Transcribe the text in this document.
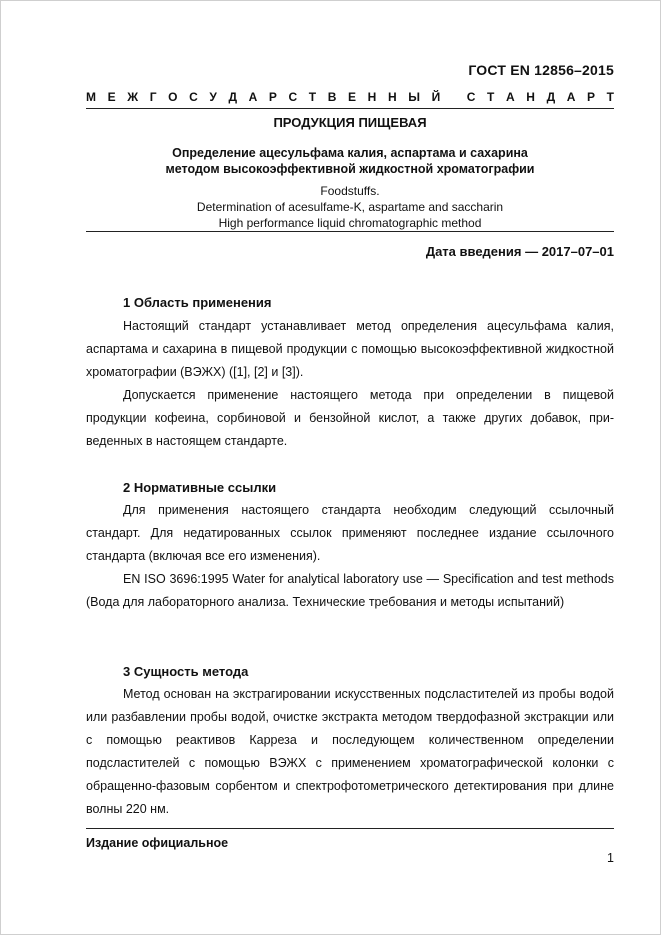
ГОСТ EN 12856–2015
М Е Ж Г О С У Д А Р С Т В Е Н Н Ы Й
С Т А Н Д А Р Т
ПРОДУКЦИЯ ПИЩЕВАЯ
Определение ацесульфама калия, аспартама и сахарина
методом высокоэффективной жидкостной хроматографии
Foodstuffs.
Determination of acesulfame-K, aspartame and saccharin
High performance liquid chromatographic method
Дата введения — 2017–07–01
1 Область применения
Настоящий стандарт устанавливает метод определения ацесульфама калия, аспартама и сахарина в пищевой продукции с помощью высокоэффективной жидкостной хроматографии (ВЭЖХ) ([1], [2] и [3]).
Допускается применение настоящего метода при определении в пищевой продукции кофеина, сорбиновой и бензойной кислот, а также других добавок, приведенных в настоящем стандарте.
2 Нормативные ссылки
Для применения настоящего стандарта необходим следующий ссылочный стандарт. Для недатированных ссылок применяют последнее издание ссылочного стандарта (включая все его изменения).
EN ISO 3696:1995 Water for analytical laboratory use — Specification and test methods (Вода для лабораторного анализа. Технические требования и методы испытаний)
3 Сущность метода
Метод основан на экстрагировании искусственных подсластителей из пробы водой или разбавлении пробы водой, очистке экстракта методом твердофазной экстракции или с помощью реактивов Карреза и последующем количественном определении подсластителей с помощью ВЭЖХ с применением хроматографической колонки с обращенно-фазовым сорбентом и спектрофотометрического детектирования при длине волны 220 нм.
Издание официальное
1
